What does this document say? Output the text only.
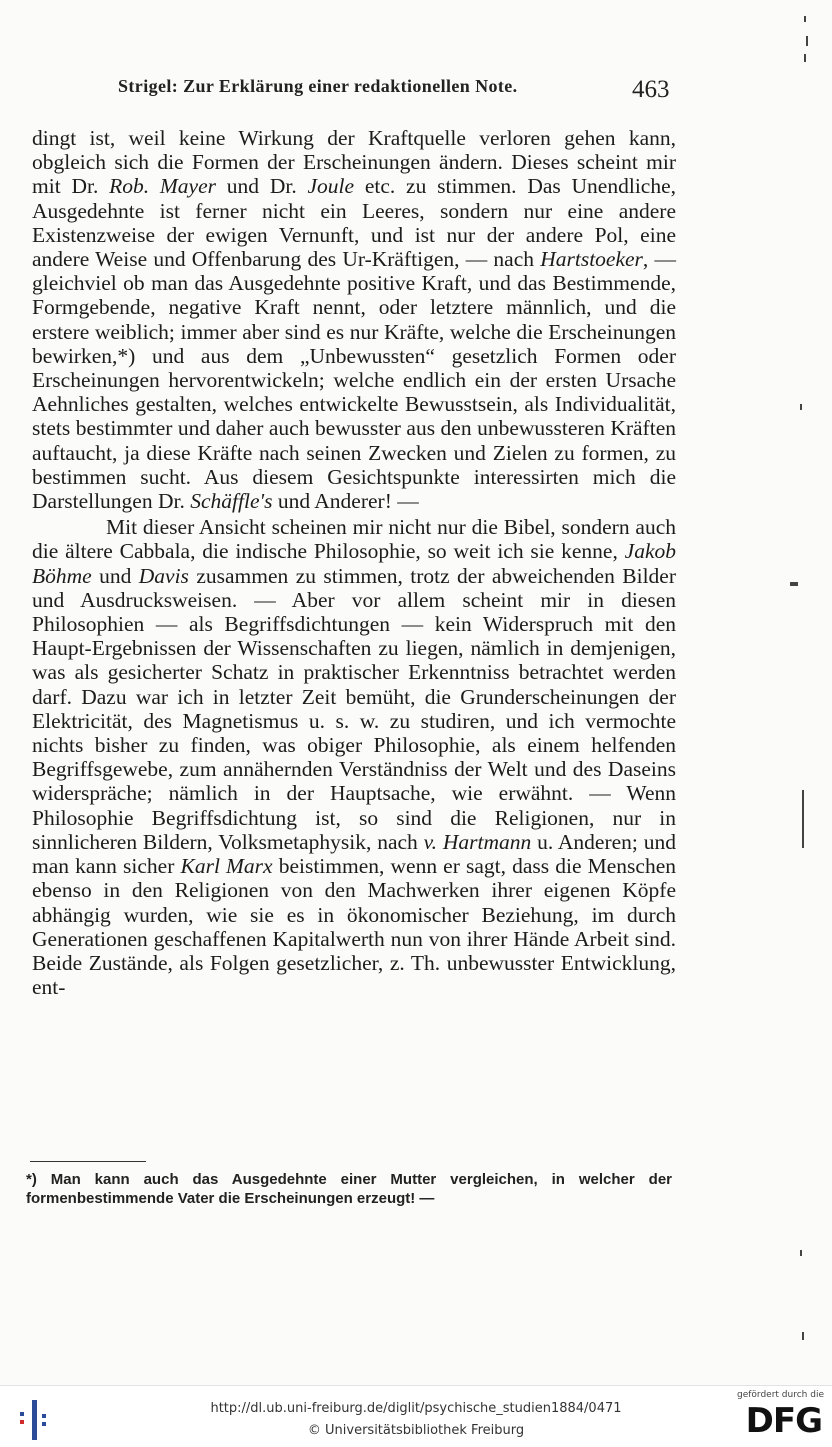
Strigel: Zur Erklärung einer redaktionellen Note.	463

dingt ist, weil keine Wirkung der Kraftquelle verloren gehen kann, obgleich sich die Formen der Erscheinungen ändern. Dieses scheint mir mit Dr. Rob. Mayer und Dr. Joule etc. zu stimmen. Das Unendliche, Ausgedehnte ist ferner nicht ein Leeres, sondern nur eine andere Existenzweise der ewigen Vernunft, und ist nur der andere Pol, eine andere Weise und Offenbarung des Ur-Kräftigen, — nach Hartstoeker, — gleichviel ob man das Ausgedehnte positive Kraft, und das Bestimmende, Formgebende, negative Kraft nennt, oder letztere männlich, und die erstere weiblich; immer aber sind es nur Kräfte, welche die Erscheinungen bewirken,*) und aus dem „Unbewussten“ gesetzlich Formen oder Erscheinungen hervorentwickeln; welche endlich ein der ersten Ursache Aehnliches gestalten, welches entwickelte Bewusstsein, als Individualität, stets bestimmter und daher auch bewusster aus den unbewussteren Kräften auftaucht, ja diese Kräfte nach seinen Zwecken und Zielen zu formen, zu bestimmen sucht. Aus diesem Gesichtspunkte interessirten mich die Darstellungen Dr. Schäffle's und Anderer! —

Mit dieser Ansicht scheinen mir nicht nur die Bibel, sondern auch die ältere Cabbala, die indische Philosophie, so weit ich sie kenne, Jakob Böhme und Davis zusammen zu stimmen, trotz der abweichenden Bilder und Ausdrucksweisen. — Aber vor allem scheint mir in diesen Philosophien — als Begriffsdichtungen — kein Widerspruch mit den Haupt-Ergebnissen der Wissenschaften zu liegen, nämlich in demjenigen, was als gesicherter Schatz in praktischer Erkenntniss betrachtet werden darf. Dazu war ich in letzter Zeit bemüht, die Grunderscheinungen der Elektricität, des Magnetismus u. s. w. zu studiren, und ich vermochte nichts bisher zu finden, was obiger Philosophie, als einem helfenden Begriffsgewebe, zum annähernden Verständniss der Welt und des Daseins widerspräche; nämlich in der Hauptsache, wie erwähnt. — Wenn Philosophie Begriffsdichtung ist, so sind die Religionen, nur in sinnlicheren Bildern, Volksmetaphysik, nach v. Hartmann u. Anderen; und man kann sicher Karl Marx beistimmen, wenn er sagt, dass die Menschen ebenso in den Religionen von den Machwerken ihrer eigenen Köpfe abhängig wurden, wie sie es in ökonomischer Beziehung, im durch Generationen geschaffenen Kapitalwerth nun von ihrer Hände Arbeit sind. Beide Zustände, als Folgen gesetzlicher, z. Th. unbewusster Entwicklung, ent-

*) Man kann auch das Ausgedehnte einer Mutter vergleichen, in welcher der formenbestimmende Vater die Erscheinungen erzeugt! —
http://dl.ub.uni-freiburg.de/diglit/psychische_studien1884/0471
© Universitätsbibliothek Freiburg
gefördert durch die
DFG
